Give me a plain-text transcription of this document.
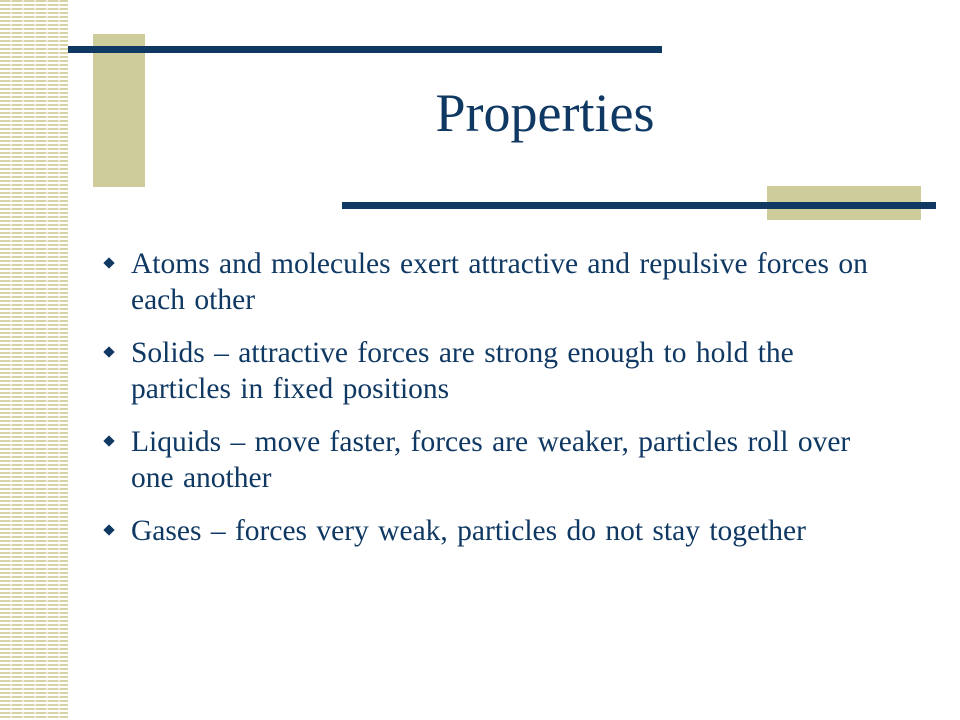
Properties
Atoms and molecules exert attractive and repulsive forces on each other
Solids – attractive forces are strong enough to hold the particles in fixed positions
Liquids – move faster, forces are weaker, particles roll over one another
Gases – forces very weak, particles do not stay together
